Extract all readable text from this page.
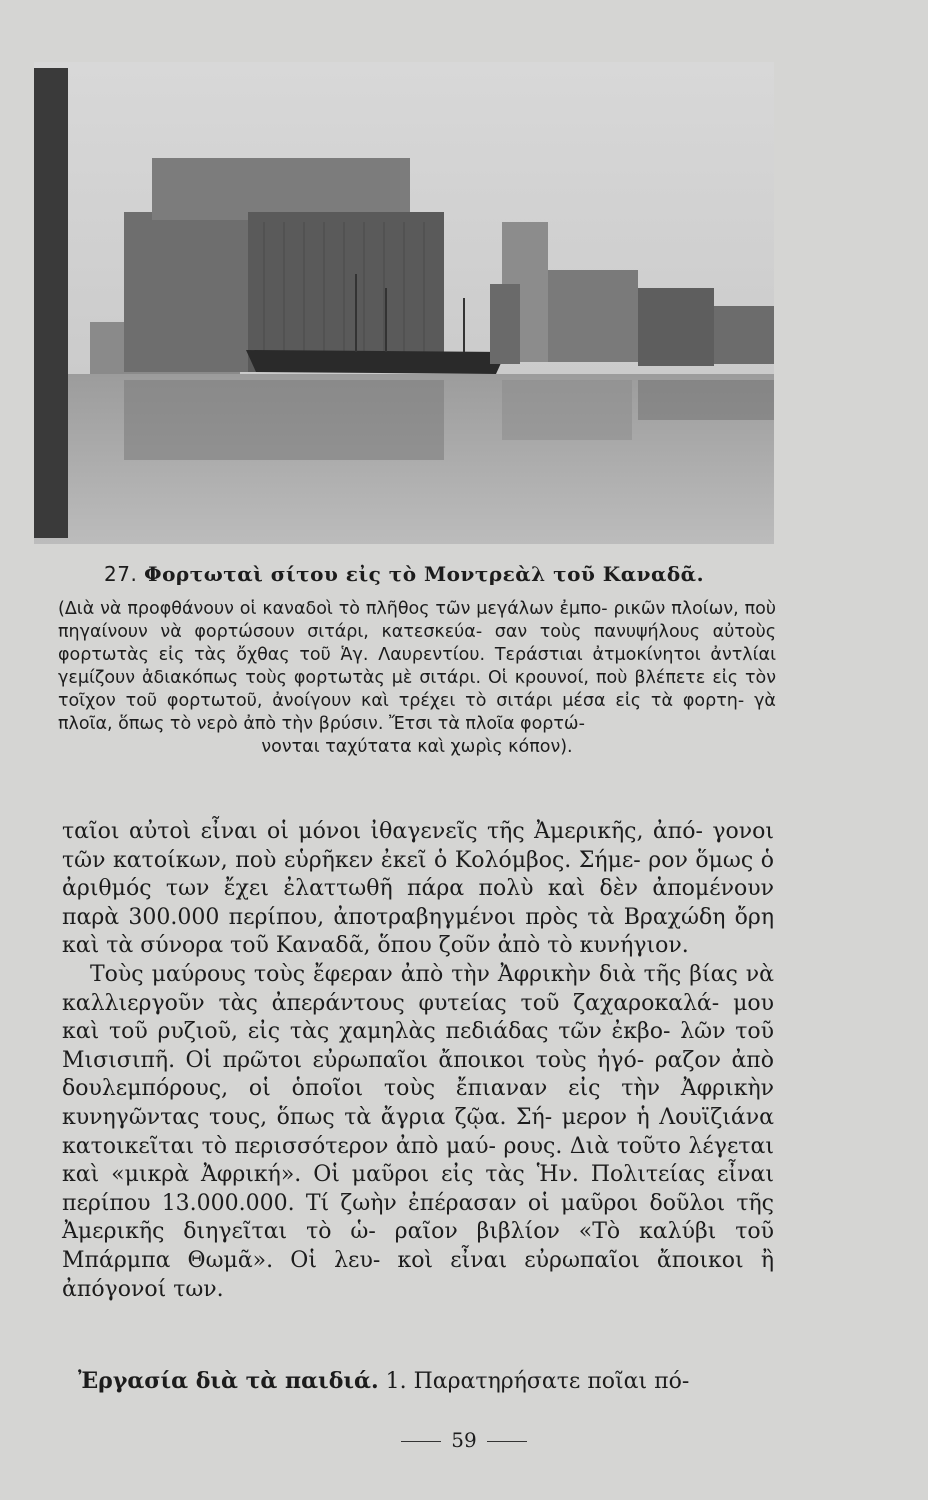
27. Φορτωταὶ σίτου εἰς τὸ Μοντρεὰλ τοῦ Καναδᾶ.
(Διὰ νὰ προφθάνουν οἱ καναδοὶ τὸ πλῆθος τῶν μεγάλων ἐμπο- ρικῶν πλοίων, ποὺ πηγαίνουν νὰ φορτώσουν σιτάρι, κατεσκεύα- σαν τοὺς πανυψήλους αὐτοὺς φορτωτὰς εἰς τὰς ὄχθας τοῦ Ἁγ. Λαυρεντίου. Τεράστιαι ἀτμοκίνητοι ἀντλίαι γεμίζουν ἀδιακόπως τοὺς φορτωτὰς μὲ σιτάρι. Οἱ κρουνοί, ποὺ βλέπετε εἰς τὸν τοῖχον τοῦ φορτωτοῦ, ἀνοίγουν καὶ τρέχει τὸ σιτάρι μέσα εἰς τὰ φορτη- γὰ πλοῖα, ὅπως τὸ νερὸ ἀπὸ τὴν βρύσιν. Ἔτσι τὰ πλοῖα φορτώ-
νονται ταχύτατα καὶ χωρὶς κόπον).

ταῖοι αὐτοὶ εἶναι οἱ μόνοι ἰθαγενεῖς τῆς Ἀμερικῆς, ἀπό- γονοι τῶν κατοίκων, ποὺ εὑρῆκεν ἐκεῖ ὁ Κολόμβος. Σήμε- ρον ὅμως ὁ ἀριθμός των ἔχει ἐλαττωθῆ πάρα πολὺ καὶ δὲν ἀπομένουν παρὰ 300.000 περίπου, ἀποτραβηγμένοι πρὸς τὰ Βραχώδη ὄρη καὶ τὰ σύνορα τοῦ Καναδᾶ, ὅπου ζοῦν ἀπὸ τὸ κυνήγιον.

Τοὺς μαύρους τοὺς ἔφεραν ἀπὸ τὴν Ἀφρικὴν διὰ τῆς βίας νὰ καλλιεργοῦν τὰς ἀπεράντους φυτείας τοῦ ζαχαροκαλά- μου καὶ τοῦ ρυζιοῦ, εἰς τὰς χαμηλὰς πεδιάδας τῶν ἐκβο- λῶν τοῦ Μισισιπῆ. Οἱ πρῶτοι εὐρωπαῖοι ἄποικοι τοὺς ἠγό- ραζον ἀπὸ δουλεμπόρους, οἱ ὁποῖοι τοὺς ἔπιαναν εἰς τὴν Ἀφρικὴν κυνηγῶντας τους, ὅπως τὰ ἄγρια ζῷα. Σή- μερον ἡ Λουϊζιάνα κατοικεῖται τὸ περισσότερον ἀπὸ μαύ- ρους. Διὰ τοῦτο λέγεται καὶ «μικρὰ Ἀφρική». Οἱ μαῦροι εἰς τὰς Ἡν. Πολιτείας εἶναι περίπου 13.000.000. Τί ζωὴν ἐπέρασαν οἱ μαῦροι δοῦλοι τῆς Ἀμερικῆς διηγεῖται τὸ ὡ- ραῖον βιβλίον «Τὸ καλύβι τοῦ Μπάρμπα Θωμᾶ». Οἱ λευ- κοὶ εἶναι εὐρωπαῖοι ἄποικοι ἢ ἀπόγονοί των.

Ἐργασία διὰ τὰ παιδιά. 1. Παρατηρήσατε ποῖαι πό-
59
